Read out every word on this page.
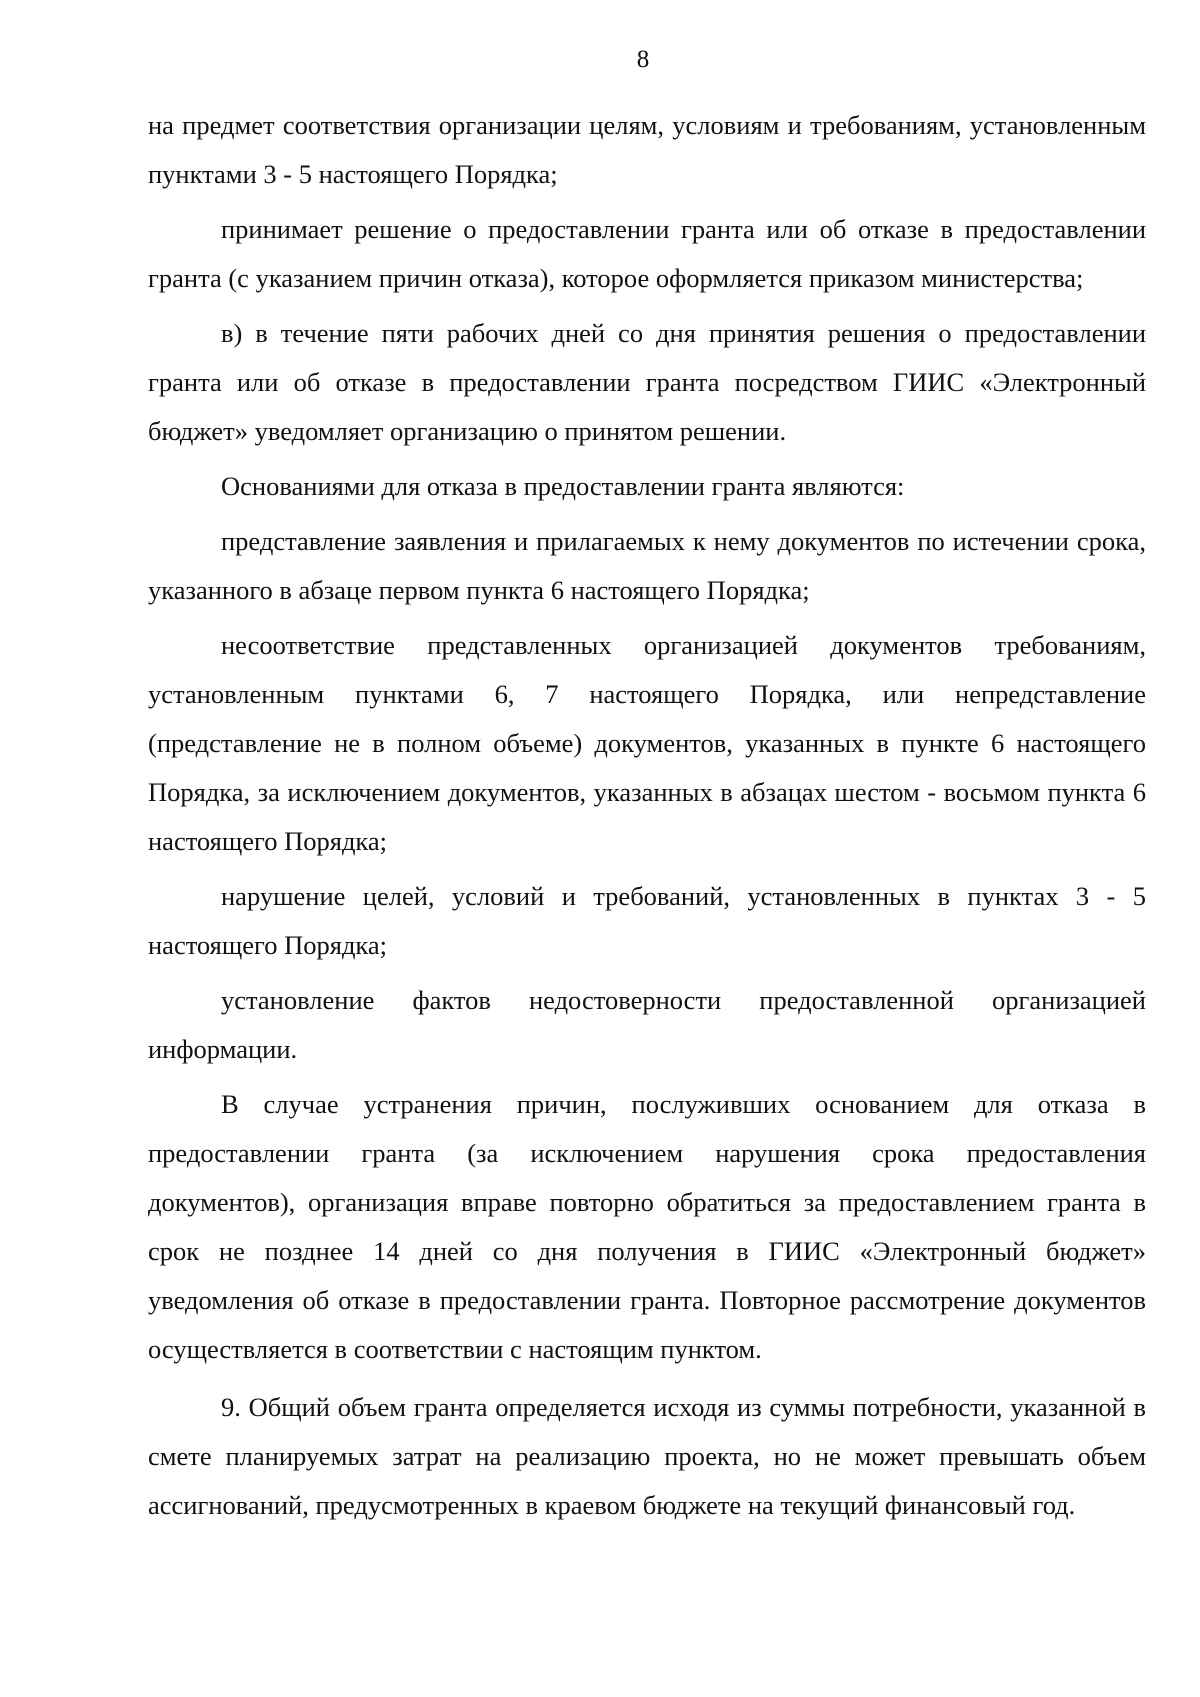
8

на предмет соответствия организации целям, условиям и требованиям, установленным пунктами 3 - 5 настоящего Порядка;

принимает решение о предоставлении гранта или об отказе в предоставлении гранта (с указанием причин отказа), которое оформляется приказом министерства;

в) в течение пяти рабочих дней со дня принятия решения о предоставлении гранта или об отказе в предоставлении гранта посредством ГИИС «Электронный бюджет» уведомляет организацию о принятом решении.

Основаниями для отказа в предоставлении гранта являются:

представление заявления и прилагаемых к нему документов по истечении срока, указанного в абзаце первом пункта 6 настоящего Порядка;

несоответствие представленных организацией документов требованиям, установленным пунктами 6, 7 настоящего Порядка, или непредставление (представление не в полном объеме) документов, указанных в пункте 6 настоящего Порядка, за исключением документов, указанных в абзацах шестом - восьмом пункта 6 настоящего Порядка;

нарушение целей, условий и требований, установленных в пунктах 3 - 5 настоящего Порядка;

установление фактов недостоверности предоставленной организацией информации.

В случае устранения причин, послуживших основанием для отказа в предоставлении гранта (за исключением нарушения срока предоставления документов), организация вправе повторно обратиться за предоставлением гранта в срок не позднее 14 дней со дня получения в ГИИС «Электронный бюджет» уведомления об отказе в предоставлении гранта. Повторное рассмотрение документов осуществляется в соответствии с настоящим пунктом.

9. Общий объем гранта определяется исходя из суммы потребности, указанной в смете планируемых затрат на реализацию проекта, но не может превышать объем ассигнований, предусмотренных в краевом бюджете на текущий финансовый год.
